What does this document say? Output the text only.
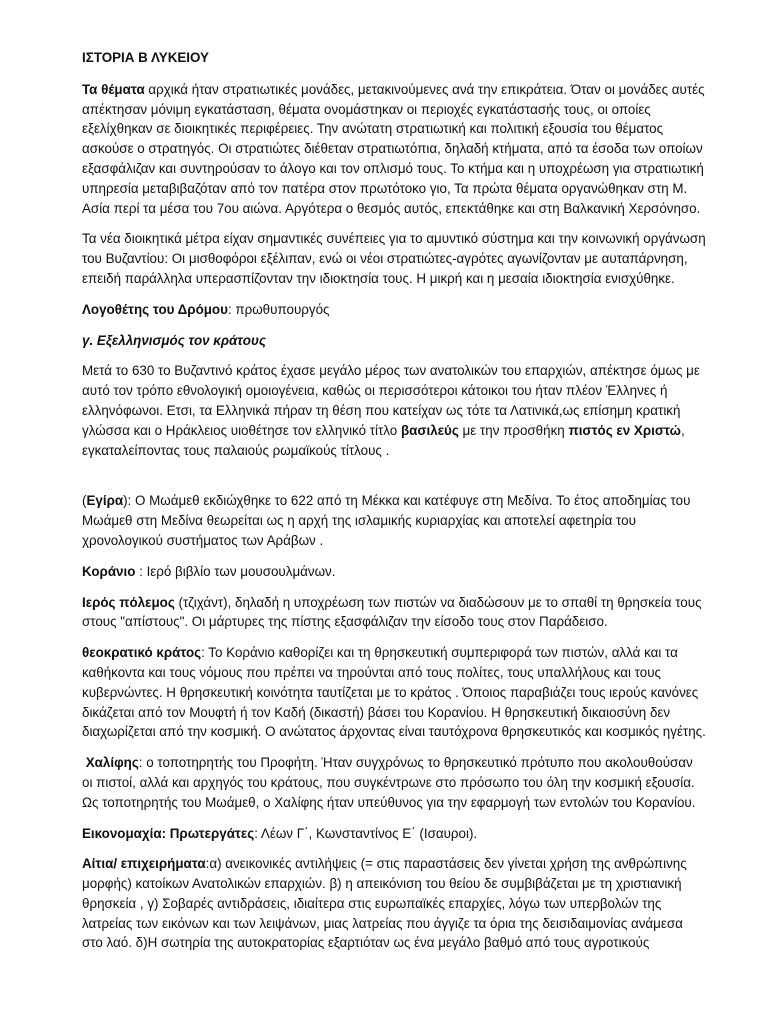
ΙΣΤΟΡΙΑ Β ΛΥΚΕΙΟΥ

Τα θέματα αρχικά ήταν στρατιωτικές μονάδες, μετακινούμενες ανά την επικράτεια. Όταν οι μονάδες αυτές απέκτησαν μόνιμη εγκατάσταση, θέματα ονομάστηκαν οι περιοχές εγκατάστασής τους, οι οποίες εξελίχθηκαν σε διοικητικές περιφέρειες. Την ανώτατη στρατιωτική και πολιτική εξουσία του θέματος ασκούσε ο στρατηγός. Οι στρατιώτες διέθεταν στρατιωτόπια, δηλαδή κτήματα, από τα έσοδα των οποίων εξασφάλιζαν και συντηρούσαν το άλογο και τον οπλισμό τους. Το κτήμα και η υποχρέωση για στρατιωτική υπηρεσία μεταβιβαζόταν από τον πατέρα στον πρωτότοκο γιο, Τα πρώτα θέματα οργανώθηκαν στη Μ. Ασία περί τα μέσα του 7ου αιώνα. Αργότερα ο θεσμός αυτός, επεκτάθηκε και στη Βαλκανική Χερσόνησο.

Τα νέα διοικητικά μέτρα είχαν σημαντικές συνέπειες για το αμυντικό σύστημα και την κοινωνική οργάνωση του Βυζαντίου: Οι μισθοφόροι εξέλιπαν, ενώ οι νέοι στρατιώτες-αγρότες αγωνίζονταν με αυταπάρνηση, επειδή παράλληλα υπερασπίζονταν την ιδιοκτησία τους. Η μικρή και η μεσαία ιδιοκτησία ενισχύθηκε.

Λογοθέτης του Δρόμου: πρωθυπουργός

γ. Εξελληνισμός τον κράτους

Μετά το 630 το Βυζαντινό κράτος έχασε μεγάλο μέρος των ανατολικών του επαρχιών, απέκτησε όμως με αυτό τον τρόπο εθνολογική ομοιογένεια, καθώς οι περισσότεροι κάτοικοι του ήταν πλέον Έλληνες ή ελληνόφωνοι. Ετσι, τα Ελληνικά πήραν τη θέση που κατείχαν ως τότε τα Λατινικά,ως επίσημη κρατική γλώσσα και ο Ηράκλειος υιοθέτησε τον ελληνικό τίτλο βασιλεύς με την προσθήκη πιστός εν Χριστώ, εγκαταλείποντας τους παλαιούς ρωμαϊκούς τίτλους .

(Εγίρα): Ο Μωάμεθ εκδιώχθηκε το 622 από τη Μέκκα και κατέφυγε στη Μεδίνα. Το έτος αποδημίας του Μωάμεθ στη Μεδίνα θεωρείται ως η αρχή της ισλαμικής κυριαρχίας και αποτελεί αφετηρία του χρονολογικού συστήματος των Αράβων .

Κοράνιο : Ιερό βιβλίο των μουσουλμάνων.

Ιερός πόλεμος (τζιχάντ), δηλαδή η υποχρέωση των πιστών να διαδώσουν με το σπαθί τη θρησκεία τους στους "απίστους". Οι μάρτυρες της πίστης εξασφάλιζαν την είσοδο τους στον Παράδεισο.

θεοκρατικό κράτος: Το Κοράνιο καθορίζει και τη θρησκευτική συμπεριφορά των πιστών, αλλά και τα καθήκοντα και τους νόμους που πρέπει να τηρούνται από τους πολίτες, τους υπαλλήλους και τους κυβερνώντες. Η θρησκευτική κοινότητα ταυτίζεται με το κράτος . Όποιος παραβιάζει τους ιερούς κανόνες δικάζεται από τον Μουφτή ή τον Καδή (δικαστή) βάσει του Κορανίου. Η θρησκευτική δικαιοσύνη δεν διαχωρίζεται από την κοσμική. Ο ανώτατος άρχοντας είναι ταυτόχρονα θρησκευτικός και κοσμικός ηγέτης.

Χαλίφης: ο τοποτηρητής του Προφήτη. Ήταν συγχρόνως το θρησκευτικό πρότυπο που ακολουθούσαν οι πιστοί, αλλά και αρχηγός του κράτους, που συγκέντρωνε στο πρόσωπο του όλη την κοσμική εξουσία. Ως τοποτηρητής του Μωάμεθ, ο Χαλίφης ήταν υπεύθυνος για την εφαρμογή των εντολών του Κορανίου.

Εικονομαχία: Πρωτεργάτες: Λέων Γ΄, Κωνσταντίνος Ε΄ (Ισαυροι).

Αίτια/ επιχειρήματα:α) ανεικονικές αντιλήψεις (= στις παραστάσεις δεν γίνεται χρήση της ανθρώπινης μορφής) κατοίκων Ανατολικών επαρχιών. β) η απεικόνιση του θείου δε συμβιβάζεται με τη χριστιανική θρησκεία , γ) Σοβαρές αντιδράσεις, ιδιαίτερα στις ευρωπαϊκές επαρχίες, λόγω των υπερβολών της λατρείας των εικόνων και των λειψάνων, μιας λατρείας που άγγιζε τα όρια της δεισιδαιμονίας ανάμεσα στο λαό. δ)Η σωτηρία της αυτοκρατορίας εξαρτιόταν ως ένα μεγάλο βαθμό από τους αγροτικούς
